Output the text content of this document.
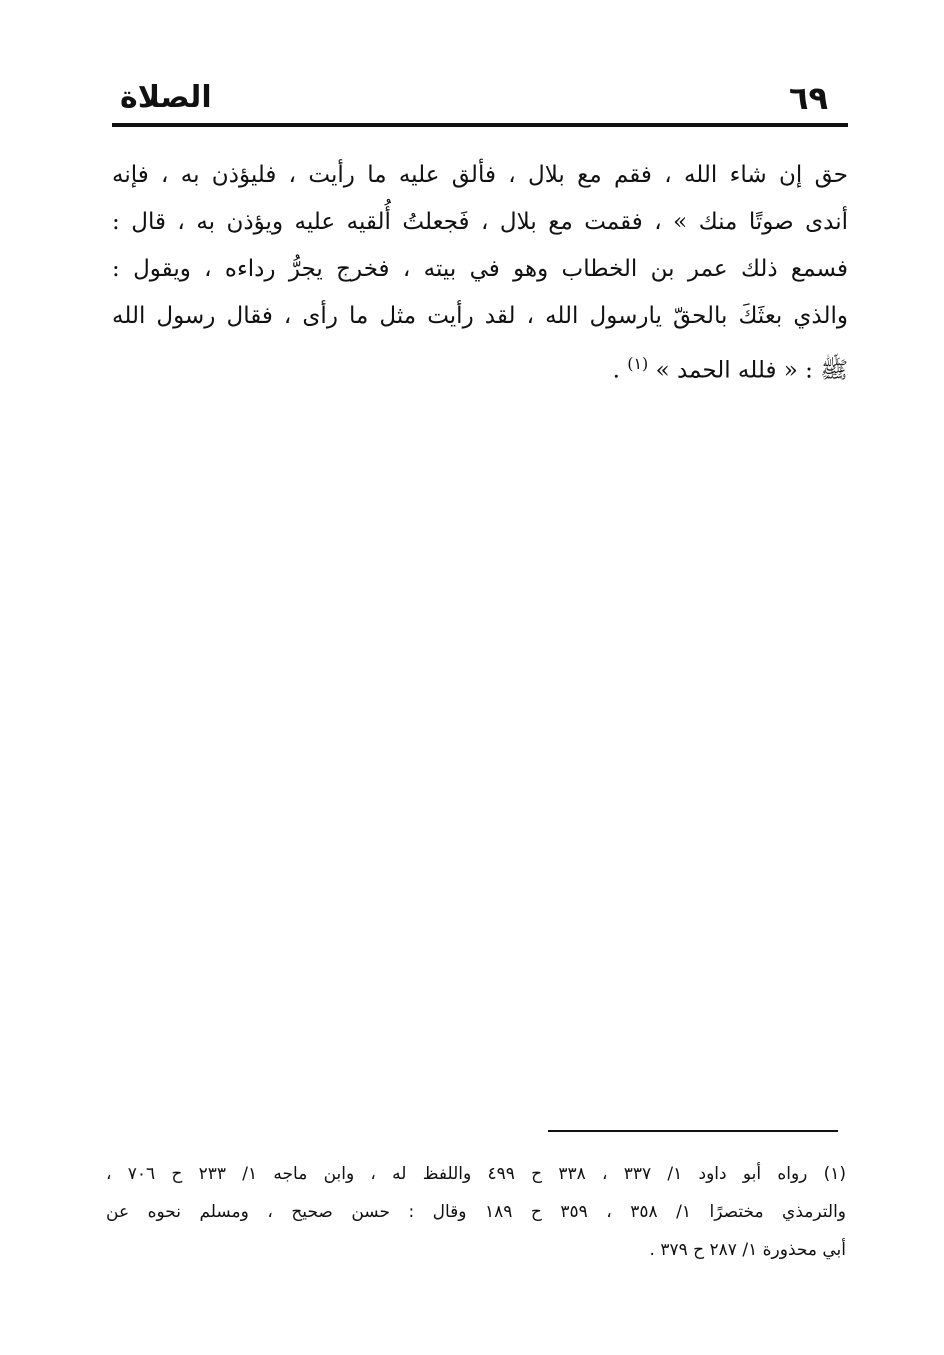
٦٩
الصلاة
حق إن شاء الله ، فقم مع بلال ، فألق عليه ما رأيت ، فليؤذن به ، فإنه
أندى صوتًا منك » ، فقمت مع بلال ، فَجعلتُ أُلقيه عليه ويؤذن به ، قال :
فسمع ذلك عمر بن الخطاب وهو في بيته ، فخرج يجرُّ رداءه ، ويقول :
والذي بعثَكَ بالحقّ يارسول الله ، لقد رأيت مثل ما رأى ، فقال رسول الله
ﷺ : « فلله الحمد » $^{(١)}$ .
(١) رواه أبو داود ١/ ٣٣٧ ، ٣٣٨ ح ٤٩٩ واللفظ له ، وابن ماجه ١/ ٢٣٣ ح ٧٠٦ ،
والترمذي مختصرًا ١/ ٣٥٨ ، ٣٥٩ ح ١٨٩ وقال : حسن صحيح ، ومسلم نحوه عن
أبي محذورة ١/ ٢٨٧ ح ٣٧٩ .
